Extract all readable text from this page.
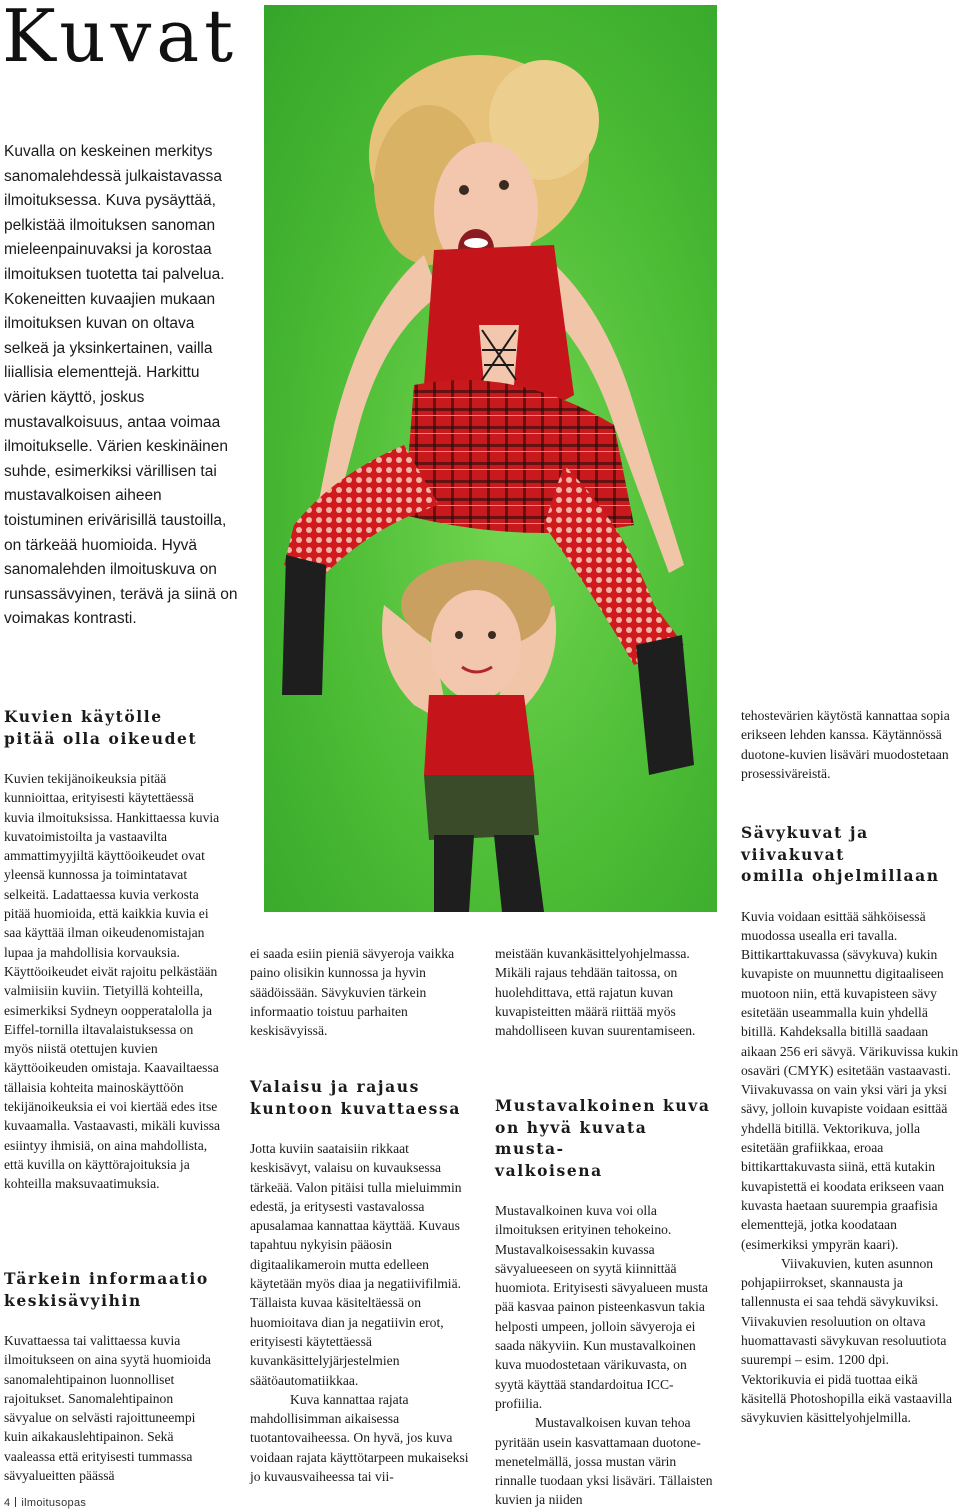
Kuvat

Kuvalla on keskeinen merkitys sanomalehdessä julkaistavassa ilmoituksessa. Kuva pysäyttää, pelkistää ilmoituksen sanoman mieleenpainuvaksi ja korostaa ilmoituksen tuotetta tai palvelua. Kokeneitten kuvaajien mukaan ilmoituksen kuvan on oltava selkeä ja yksinkertainen, vailla liiallisia elementtejä. Harkittu värien käyttö, joskus mustavalkoisuus, antaa voimaa ilmoitukselle. Värien keskinäinen suhde, esimerkiksi värillisen tai mustavalkoisen aiheen toistuminen erivärisillä taustoilla, on tärkeää huomioida. Hyvä sanomalehden ilmoituskuva on runsassävyinen, terävä ja siinä on voimakas kontrasti.

Kuvien käytölle
pitää olla oikeudet

Kuvien tekijänoikeuksia pitää kunnioittaa, erityisesti käytettäessä kuvia ilmoituksissa. Hankittaessa kuvia kuvatoimistoilta ja vastaavilta ammattimyyjiltä käyttöoikeudet ovat yleensä kunnossa ja toimintatavat selkeitä. Ladattaessa kuvia verkosta pitää huomioida, että kaikkia kuvia ei saa käyttää ilman oikeudenomistajan lupaa ja mahdollisia korvauksia. Käyttöoikeudet eivät rajoitu pelkästään valmiisiin kuviin. Tietyillä kohteilla, esimerkiksi Sydneyn oopperatalolla ja Eiffel-tornilla iltavalaistuksessa on myös niistä otettujen kuvien käyttöoikeuden omistaja. Kaavailtaessa tällaisia kohteita mainoskäyttöön tekijänoikeuksia ei voi kiertää edes itse kuvaamalla. Vastaavasti, mikäli kuvissa esiintyy ihmisiä, on aina mahdollista, että kuvilla on käyttörajoituksia ja kohteilla maksuvaatimuksia.

Tärkein informaatio
keskisävyihin

Kuvattaessa tai valittaessa kuvia ilmoitukseen on aina syytä huomioida sanomalehtipainon luonnolliset rajoitukset. Sanomalehtipainon sävyalue on selvästi rajoittuneempi kuin aikakauslehtipainon. Sekä vaaleassa että erityisesti tummassa sävyalueitten päässä

ei saada esiin pieniä sävyeroja vaikka paino olisikin kunnossa ja hyvin säädöissään. Sävykuvien tärkein informaatio toistuu parhaiten keskisävyissä.

Valaisu ja rajaus
kuntoon kuvattaessa

Jotta kuviin saataisiin rikkaat keskisävyt, valaisu on kuvauksessa tärkeää. Valon pitäisi tulla mieluimmin edestä, ja eritysesti vastavalossa apusalamaa kannattaa käyttää. Kuvaus tapahtuu nykyisin pääosin digitaalikameroin mutta edelleen käytetään myös diaa ja negatiivifilmiä. Tällaista kuvaa käsiteltäessä on huomioitava dian ja negatiivin erot, erityisesti käytettäessä kuvankäsittelyjärjestelmien säätöautomatiikkaa.

Kuva kannattaa rajata mahdollisimman aikaisessa tuotantovaiheessa. On hyvä, jos kuva voidaan rajata käyttötarpeen mukaiseksi jo kuvausvaiheessa tai vii-

Mustavalkoinen kuva
on hyvä kuvata musta-
valkoisena

Mustavalkoinen kuva voi olla ilmoituksen erityinen tehokeino. Mustavalkoisessakin kuvassa sävyalueeseen on syytä kiinnittää huomiota. Erityisesti sävyalueen musta pää kasvaa painon pisteenkasvun takia helposti umpeen, jolloin sävyeroja ei saada näkyviin. Kun mustavalkoinen kuva muodostetaan värikuvasta, on syytä käyttää standardoitua ICC-profiilia.

Mustavalkoisen kuvan tehoa pyritään usein kasvattamaan duotone-menetelmällä, jossa mustan värin rinnalle tuodaan yksi lisäväri. Tällaisten kuvien ja niiden

Sävykuvat ja viivakuvat
omilla ohjelmillaan

Kuvia voidaan esittää sähköisessä muodossa usealla eri tavalla. Bittikarttakuvassa (sävykuva) kukin kuvapiste on muunnettu digitaaliseen muotoon niin, että kuvapisteen sävy esitetään useammalla kuin yhdellä bitillä. Kahdeksalla bitillä saadaan aikaan 256 eri sävyä. Värikuvissa kukin osaväri (CMYK) esitetään vastaavasti. Viivakuvassa on vain yksi väri ja yksi sävy, jolloin kuvapiste voidaan esittää yhdellä bitillä. Vektorikuva, jolla esitetään grafiikkaa, eroaa bittikarttakuvasta siinä, että kutakin kuvapistettä ei koodata erikseen vaan kuvasta haetaan suurempia graafisia elementtejä, jotka koodataan (esimerkiksi ympyrän kaari).

Viivakuvien, kuten asunnon pohjapiirrokset, skannausta ja tallennusta ei saa tehdä sävykuviksi. Viivakuvien resoluution on oltava huomattavasti sävykuvan resoluutiota suurempi – esim. 1200 dpi. Vektorikuvia ei pidä tuottaa eikä käsitellä Photoshopilla eikä vastaavilla sävykuvien käsittelyohjelmilla.

4 ilmoitusopas

meistään kuvankäsittelyohjelmassa. Mikäli rajaus tehdään taitossa, on huolehdittava, että rajatun kuvan kuvapisteitten määrä riittää myös mahdolliseen kuvan suurentamiseen.

tehostevärien käytöstä kannattaa sopia erikseen lehden kanssa. Käytännössä duotone-kuvien lisäväri muodostetaan prosessiväreistä.
